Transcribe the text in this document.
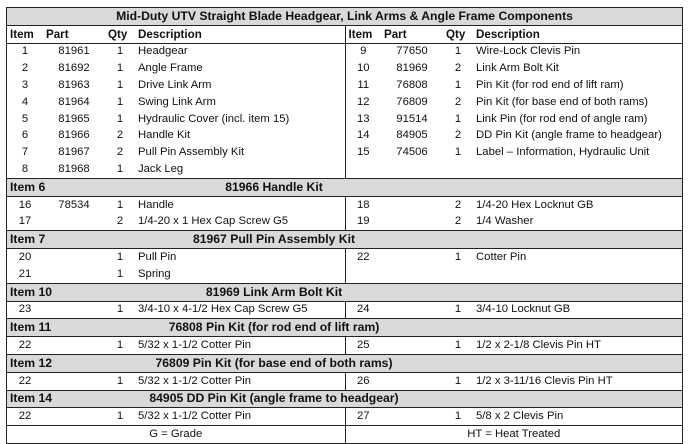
Mid-Duty UTV Straight Blade Headgear, Link Arms & Angle Frame Components							
Item	Part	Qty	Description	Item	Part	Qty	Description
1	81961	1	Headgear	9	77650	1	Wire-Lock Clevis Pin
2	81692	1	Angle Frame	10	81969	2	Link Arm Bolt Kit
3	81963	1	Drive Link Arm	11	76808	1	Pin Kit (for rod end of lift ram)
4	81964	1	Swing Link Arm	12	76809	2	Pin Kit (for base end of both rams)
5	81965	1	Hydraulic Cover (incl. item 15)	13	91514	1	Link Pin (for rod end of angle ram)
6	81966	2	Handle Kit	14	84905	2	DD Pin Kit (angle frame to headgear)
7	81967	2	Pull Pin Assembly Kit	15	74506	1	Label – Information, Hydraulic Unit
8	81968	1	Jack Leg				
Item 6		81966 Handle Kit					
16	78534	1	Handle	18		2	1/4-20 Hex Locknut GB
17		2	1/4-20 x 1 Hex Cap Screw G5	19		2	1/4 Washer
Item 7		81967 Pull Pin Assembly Kit					
20		1	Pull Pin	22		1	Cotter Pin
21		1	Spring				
Item 10		81969 Link Arm Bolt Kit					
23		1	3/4-10 x 4-1/2 Hex Cap Screw G5	24		1	3/4-10 Locknut GB
Item 11		76808 Pin Kit (for rod end of lift ram)					
22		1	5/32 x 1-1/2 Cotter Pin	25		1	1/2 x 2-1/8 Clevis Pin HT
Item 12		76809 Pin Kit (for base end of both rams)					
22		1	5/32 x 1-1/2 Cotter Pin	26		1	1/2 x 3-11/16 Clevis Pin HT
Item 14		84905 DD Pin Kit (angle frame to headgear)					
22		1	5/32 x 1-1/2 Cotter Pin	27		1	5/8 x 2 Clevis Pin
G = Grade				HT = Heat Treated			
